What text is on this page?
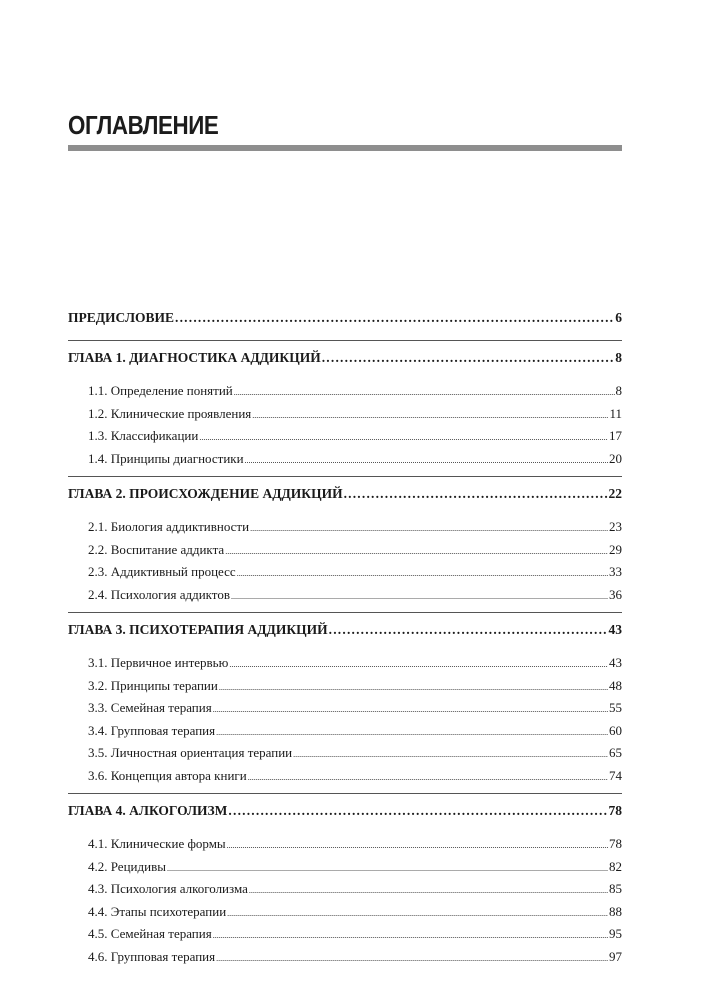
ОГЛАВЛЕНИЕ
ПРЕДИСЛОВИЕ .....	6
ГЛАВА 1. ДИАГНОСТИКА АДДИКЦИЙ .....	8
1.1. Определение понятий .....	8
1.2. Клинические проявления .....	11
1.3. Классификации .....	17
1.4. Принципы диагностики .....	20
ГЛАВА 2. ПРОИСХОЖДЕНИЕ АДДИКЦИЙ .....	22
2.1. Биология аддиктивности .....	23
2.2. Воспитание аддикта .....	29
2.3. Аддиктивный процесс .....	33
2.4. Психология аддиктов .....	36
ГЛАВА 3. ПСИХОТЕРАПИЯ АДДИКЦИЙ .....	43
3.1. Первичное интервью .....	43
3.2. Принципы терапии .....	48
3.3. Семейная терапия .....	55
3.4. Групповая терапия .....	60
3.5. Личностная ориентация терапии .....	65
3.6. Концепция автора книги .....	74
ГЛАВА 4. АЛКОГОЛИЗМ .....	78
4.1. Клинические формы .....	78
4.2. Рецидивы .....	82
4.3. Психология алкоголизма .....	85
4.4. Этапы психотерапии .....	88
4.5. Семейная терапия .....	95
4.6. Групповая терапия .....	97
